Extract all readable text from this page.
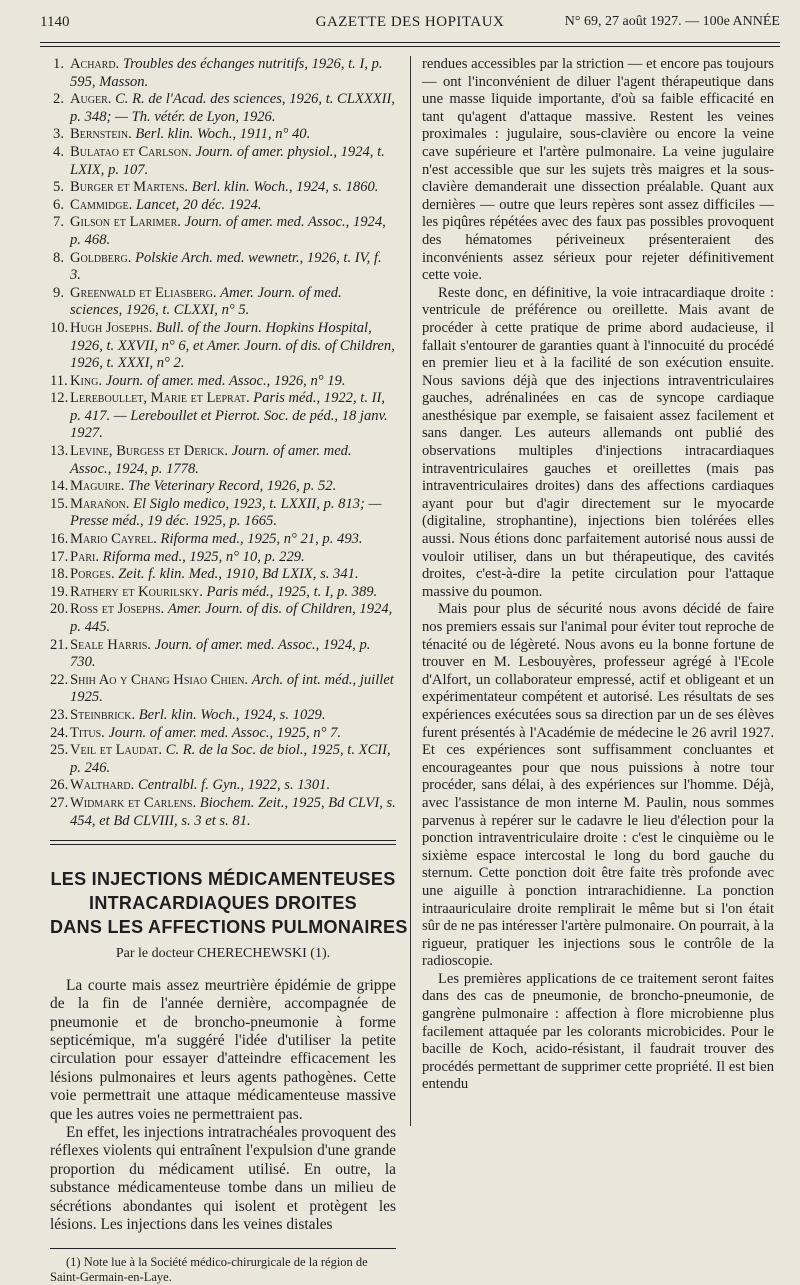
1140	GAZETTE DES HOPITAUX	N° 69, 27 août 1927. — 100e ANNÉE
1. Achard. Troubles des échanges nutritifs, 1926, t. I, p. 595, Masson.
2. Auger. C. R. de l'Acad. des sciences, 1926, t. CLXXXII, p. 348; — Th. vétér. de Lyon, 1926.
3. Bernstein. Berl. klin. Woch., 1911, n° 40.
4. Bulatao et Carlson. Journ. of amer. physiol., 1924, t. LXIX, p. 107.
5. Burger et Martens. Berl. klin. Woch., 1924, s. 1860.
6. Cammidge. Lancet, 20 déc. 1924.
7. Gilson et Larimer. Journ. of amer. med. Assoc., 1924, p. 468.
8. Goldberg. Polskie Arch. med. wewnetr., 1926, t. IV, f. 3.
9. Greenwald et Eliasberg. Amer. Journ. of med. sciences, 1926, t. CLXXI, n° 5.
10. Hugh Josephs. Bull. of the Journ. Hopkins Hospital, 1926, t. XXVII, n° 6, et Amer. Journ. of dis. of Children, 1926, t. XXXI, n° 2.
11. King. Journ. of amer. med. Assoc., 1926, n° 19.
12. Lereboullet, Marie et Leprat. Paris méd., 1922, t. II, p. 417. — Lereboullet et Pierrot. Soc. de péd., 18 janv. 1927.
13. Levine, Burgess et Derick. Journ. of amer. med. Assoc., 1924, p. 1778.
14. Maguire. The Veterinary Record, 1926, p. 52.
15. Marañon. El Siglo medico, 1923, t. LXXII, p. 813; — Presse méd., 19 déc. 1925, p. 1665.
16. Mario Cayrel. Riforma med., 1925, n° 21, p. 493.
17. Pari. Riforma med., 1925, n° 10, p. 229.
18. Porges. Zeit. f. klin. Med., 1910, Bd LXIX, s. 341.
19. Rathery et Kourilsky. Paris méd., 1925, t. I, p. 389.
20. Ross et Josephs. Amer. Journ. of dis. of Children, 1924, p. 445.
21. Seale Harris. Journ. of amer. med. Assoc., 1924, p. 730.
22. Shih Ao y Chang Hsiao Chien. Arch. of int. méd., juillet 1925.
23. Steinbrick. Berl. klin. Woch., 1924, s. 1029.
24. Titus. Journ. of amer. med. Assoc., 1925, n° 7.
25. Veil et Laudat. C. R. de la Soc. de biol., 1925, t. XCII, p. 246.
26. Walthard. Centralbl. f. Gyn., 1922, s. 1301.
27. Widmark et Carlens. Biochem. Zeit., 1925, Bd CLVI, s. 454, et Bd CLVIII, s. 3 et s. 81.
LES INJECTIONS MÉDICAMENTEUSES
INTRACARDIAQUES DROITES
DANS LES AFFECTIONS PULMONAIRES
Par le docteur CHERECHEWSKI (1).

La courte mais assez meurtrière épidémie de grippe de la fin de l'année dernière, accompagnée de pneumonie et de broncho-pneumonie à forme septicémique, m'a suggéré l'idée d'utiliser la petite circulation pour essayer d'atteindre efficacement les lésions pulmonaires et leurs agents pathogènes. Cette voie permettrait une attaque médicamenteuse massive que les autres voies ne permettraient pas.

En effet, les injections intratrachéales provoquent des réflexes violents qui entraînent l'expulsion d'une grande proportion du médicament utilisé. En outre, la substance médicamenteuse tombe dans un milieu de sécrétions abondantes qui isolent et protègent les lésions. Les injections dans les veines distales

(1) Note lue à la Société médico-chirurgicale de la région de Saint-Germain-en-Laye.

rendues accessibles par la striction — et encore pas toujours — ont l'inconvénient de diluer l'agent thérapeutique dans une masse liquide importante, d'où sa faible efficacité en tant qu'agent d'attaque massive. Restent les veines proximales : jugulaire, sous-clavière ou encore la veine cave supérieure et l'artère pulmonaire. La veine jugulaire n'est accessible que sur les sujets très maigres et la sous-clavière demanderait une dissection préalable. Quant aux dernières — outre que leurs repères sont assez difficiles — les piqûres répétées avec des faux pas possibles provoquent des hématomes périveineux présenteraient des inconvénients assez sérieux pour rejeter définitivement cette voie.

Reste donc, en définitive, la voie intracardiaque droite : ventricule de préférence ou oreillette. Mais avant de procéder à cette pratique de prime abord audacieuse, il fallait s'entourer de garanties quant à l'innocuité du procédé en premier lieu et à la facilité de son exécution ensuite. Nous savions déjà que des injections intraventriculaires gauches, adrénalinées en cas de syncope cardiaque anesthésique par exemple, se faisaient assez facilement et sans danger. Les auteurs allemands ont publié des observations multiples d'injections intracardiaques intraventriculaires gauches et oreillettes (mais pas intraventriculaires droites) dans des affections cardiaques ayant pour but d'agir directement sur le myocarde (digitaline, strophantine), injections bien tolérées elles aussi. Nous étions donc parfaitement autorisé nous aussi de vouloir utiliser, dans un but thérapeutique, des cavités droites, c'est-à-dire la petite circulation pour l'attaque massive du poumon.

Mais pour plus de sécurité nous avons décidé de faire nos premiers essais sur l'animal pour éviter tout reproche de ténacité ou de légèreté. Nous avons eu la bonne fortune de trouver en M. Lesbouyères, professeur agrégé à l'Ecole d'Alfort, un collaborateur empressé, actif et obligeant et un expérimentateur compétent et autorisé. Les résultats de ses expériences exécutées sous sa direction par un de ses élèves furent présentés à l'Académie de médecine le 26 avril 1927. Et ces expériences sont suffisamment concluantes et encourageantes pour que nous puissions à notre tour procéder, sans délai, à des expériences sur l'homme. Déjà, avec l'assistance de mon interne M. Paulin, nous sommes parvenus à repérer sur le cadavre le lieu d'élection pour la ponction intraventriculaire droite : c'est le cinquième ou le sixième espace intercostal le long du bord gauche du sternum. Cette ponction doit être faite très profonde avec une aiguille à ponction intrarachidienne. La ponction intraauriculaire droite remplirait le même but si l'on était sûr de ne pas intéresser l'artère pulmonaire. On pourrait, à la rigueur, pratiquer les injections sous le contrôle de la radioscopie.

Les premières applications de ce traitement seront faites dans des cas de pneumonie, de broncho-pneumonie, de gangrène pulmonaire : affection à flore microbienne plus facilement attaquée par les colorants microbicides. Pour le bacille de Koch, acido-résistant, il faudrait trouver des procédés permettant de supprimer cette propriété. Il est bien entendu
